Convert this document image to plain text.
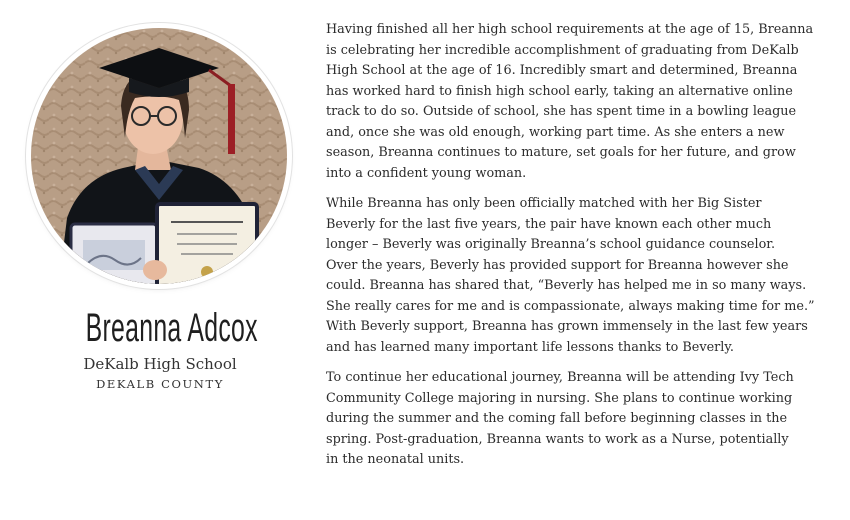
Breanna Adcox
DeKalb High School
DEKALB COUNTY

Having finished all her high school requirements at the age of 15, Breanna
is celebrating her incredible accomplishment of graduating from DeKalb
High School at the age of 16. Incredibly smart and determined, Breanna
has worked hard to finish high school early, taking an alternative online
track to do so. Outside of school, she has spent time in a bowling league
and, once she was old enough, working part time. As she enters a new
season, Breanna continues to mature, set goals for her future, and grow
into a confident young woman.

While Breanna has only been officially matched with her Big Sister
Beverly for the last five years, the pair have known each other much
longer – Beverly was originally Breanna’s school guidance counselor.
Over the years, Beverly has provided support for Breanna however she
could. Breanna has shared that, “Beverly has helped me in so many ways.
She really cares for me and is compassionate, always making time for me.”
With Beverly support, Breanna has grown immensely in the last few years
and has learned many important life lessons thanks to Beverly.

To continue her educational journey, Breanna will be attending Ivy Tech
Community College majoring in nursing. She plans to continue working
during the summer and the coming fall before beginning classes in the
spring. Post-graduation, Breanna wants to work as a Nurse, potentially
in the neonatal units.
